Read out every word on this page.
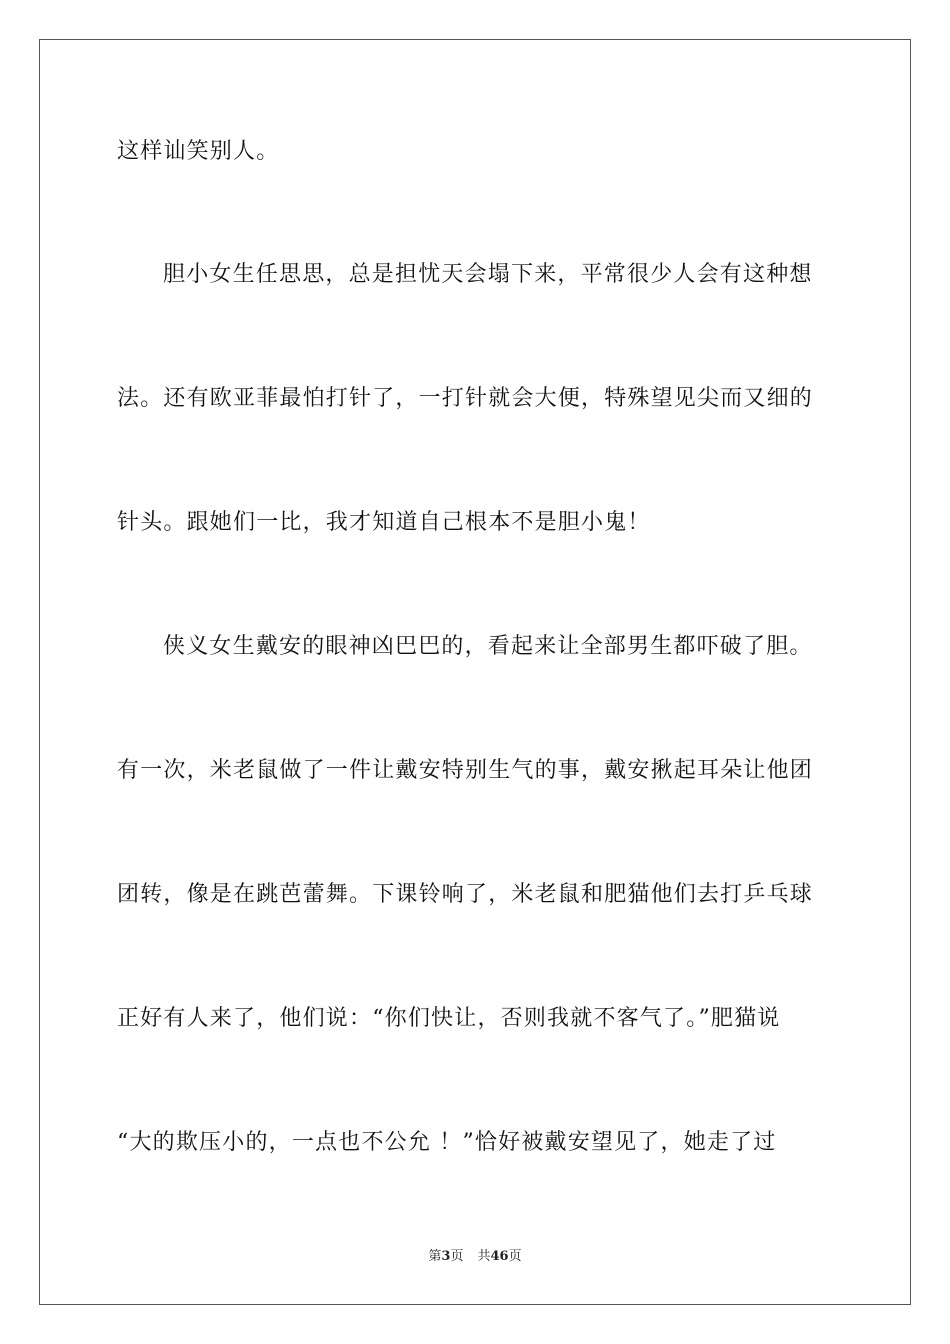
这样讪笑别人。
胆小女生任思思，总是担忧天会塌下来，平常很少人会有这种想
法。还有欧亚菲最怕打针了，一打针就会大便，特殊望见尖而又细的
针头。跟她们一比，我才知道自己根本不是胆小鬼！
侠义女生戴安的眼神凶巴巴的，看起来让全部男生都吓破了胆。
有一次，米老鼠做了一件让戴安特别生气的事，戴安揪起耳朵让他团
团转，像是在跳芭蕾舞。下课铃响了，米老鼠和肥猫他们去打乒乓球
正好有人来了，他们说：“你们快让，否则我就不客气了。”肥猫说
“大的欺压小的，一点也不公允 ！”恰好被戴安望见了，她走了过
第3页 共46页
